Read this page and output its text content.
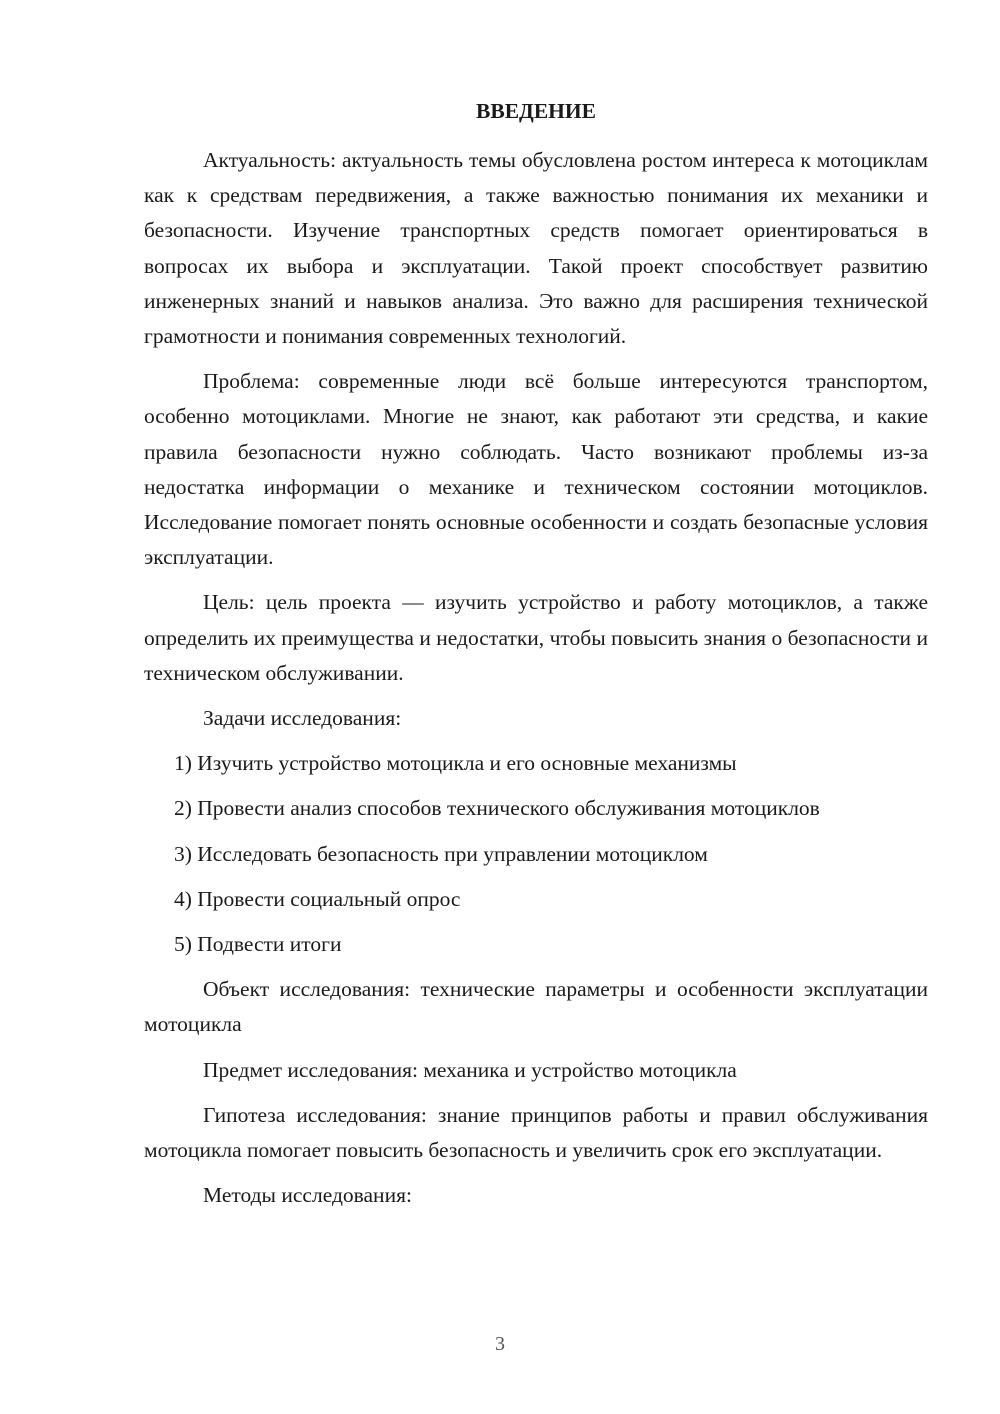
ВВЕДЕНИЕ

Актуальность: актуальность темы обусловлена ростом интереса к мотоциклам как к средствам передвижения, а также важностью понимания их механики и безопасности. Изучение транспортных средств помогает ориентироваться в вопросах их выбора и эксплуатации. Такой проект способствует развитию инженерных знаний и навыков анализа. Это важно для расширения технической грамотности и понимания современных технологий.

Проблема: современные люди всё больше интересуются транспортом, особенно мотоциклами. Многие не знают, как работают эти средства, и какие правила безопасности нужно соблюдать. Часто возникают проблемы из-за недостатка информации о механике и техническом состоянии мотоциклов. Исследование помогает понять основные особенности и создать безопасные условия эксплуатации.

Цель: цель проекта — изучить устройство и работу мотоциклов, а также определить их преимущества и недостатки, чтобы повысить знания о безопасности и техническом обслуживании.

Задачи исследования:

1) Изучить устройство мотоцикла и его основные механизмы

2) Провести анализ способов технического обслуживания мотоциклов

3) Исследовать безопасность при управлении мотоциклом

4) Провести социальный опрос

5) Подвести итоги

Объект исследования: технические параметры и особенности эксплуатации мотоцикла

Предмет исследования: механика и устройство мотоцикла

Гипотеза исследования: знание принципов работы и правил обслуживания мотоцикла помогает повысить безопасность и увеличить срок его эксплуатации.

Методы исследования:

3
